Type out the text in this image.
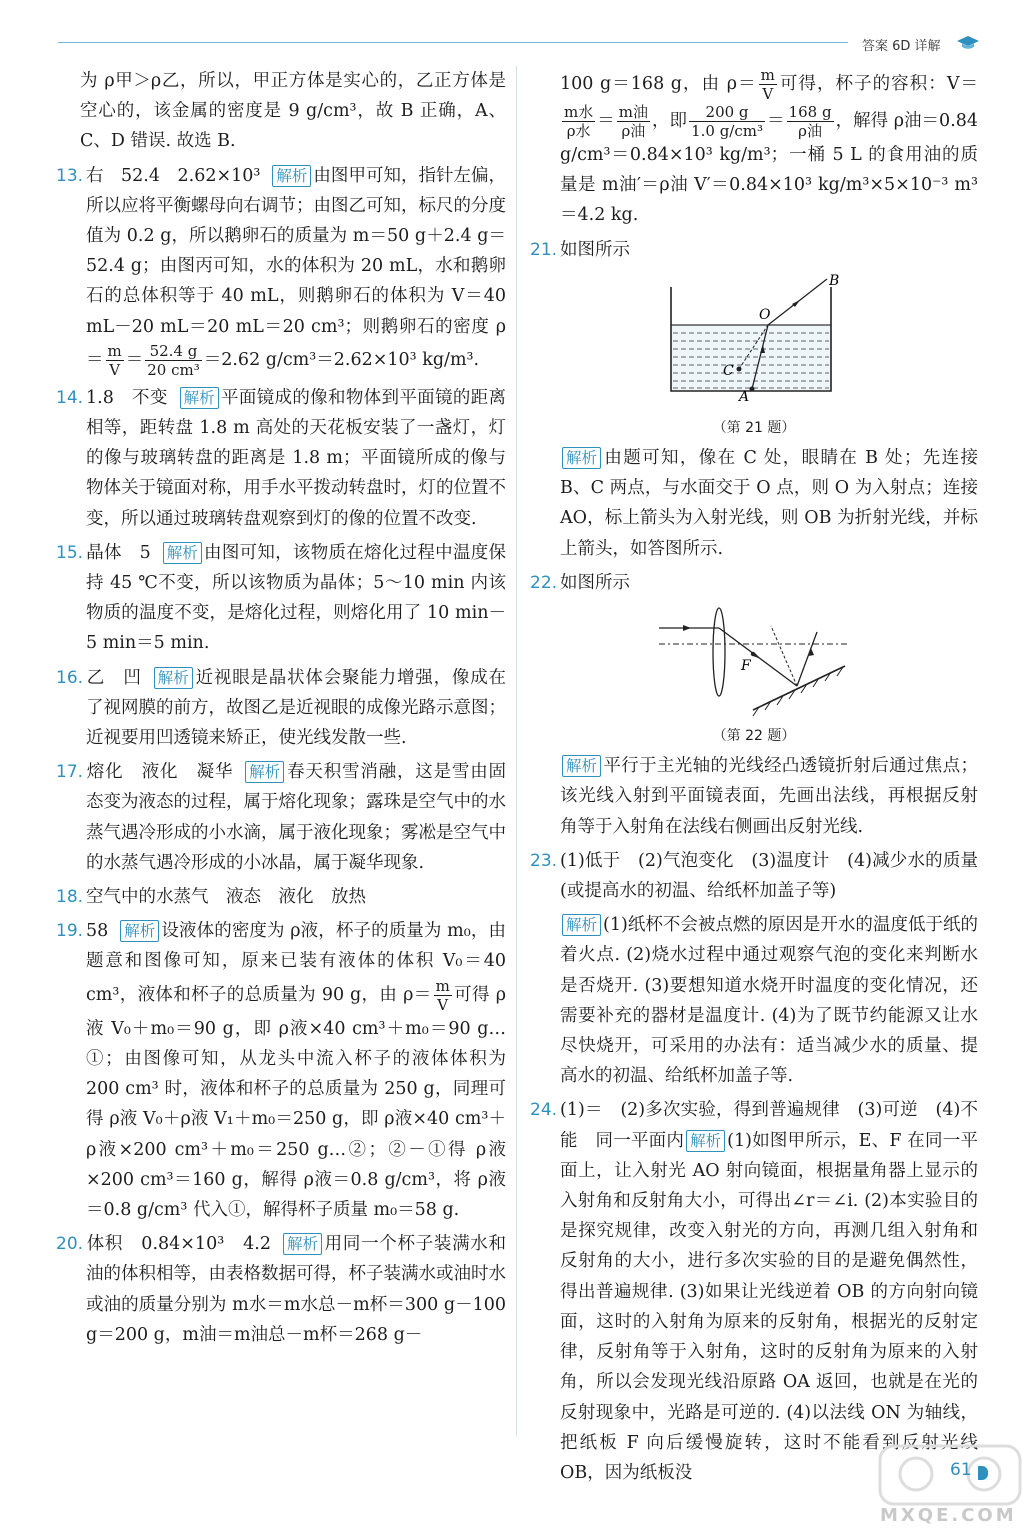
答案 6D 详解

为 ρ甲＞ρ乙，所以，甲正方体是实心的，乙正方体是空心的，该金属的密度是 9 g/cm³，故 B 正确，A、C、D 错误. 故选 B.

13. 右　52.4　2.62×10³ 解析 由图甲可知，指针左偏，所以应将平衡螺母向右调节；由图乙可知，标尺的分度值为 0.2 g，所以鹅卵石的质量为 m＝50 g＋2.4 g＝52.4 g；由图丙可知，水的体积为 20 mL，水和鹅卵石的总体积等于 40 mL，则鹅卵石的体积为 V＝40 mL－20 mL＝20 mL＝20 cm³；则鹅卵石的密度 $\rho= \frac{m}{V} = \frac{52.4 g}{\text{20 cm³}} =2.62$ g/cm³＝2.62×10³ kg/m³.

14. 1.8　不变 解析 平面镜成的像和物体到平面镜的距离相等，距转盘 1.8 m 高处的天花板安装了一盏灯，灯的像与玻璃转盘的距离是 1.8 m；平面镜所成的像与物体关于镜面对称，用手水平拨动转盘时，灯的位置不变，所以通过玻璃转盘观察到灯的像的位置不改变.

15. 晶体　5 解析 由图可知，该物质在熔化过程中温度保持 45 ℃不变，所以该物质为晶体；5～10 min 内该物质的温度不变，是熔化过程，则熔化用了 10 min－5 min＝5 min.

16. 乙　凹 解析 近视眼是晶状体会聚能力增强，像成在了视网膜的前方，故图乙是近视眼的成像光路示意图；近视要用凹透镜来矫正，使光线发散一些.

17. 熔化　液化　凝华 解析 春天积雪消融，这是雪由固态变为液态的过程，属于熔化现象；露珠是空气中的水蒸气遇冷形成的小水滴，属于液化现象；雾凇是空气中的水蒸气遇冷形成的小冰晶，属于凝华现象.

18. 空气中的水蒸气　液态　液化　放热

19. 58 解析 设液体的密度为 ρ液，杯子的质量为 m₀，由题意和图像可知，原来已装有液体的体积 V₀＝40 cm³，液体和杯子的总质量为 90 g，由 $\rho= \frac{m}{V}$ 可得 ρ液 V₀＋m₀＝90 g，即 ρ液×40 cm³＋m₀＝90 g…①；由图像可知，从龙头中流入杯子的液体体积为 200 cm³ 时，液体和杯子的总质量为 250 g，同理可得 ρ液 V₀＋ρ液 V₁＋m₀＝250 g，即 ρ液×40 cm³＋ρ液×200 cm³＋m₀＝250 g…②；②－①得 ρ液×200 cm³＝160 g，解得 ρ液＝0.8 g/cm³，将 ρ液＝0.8 g/cm³ 代入①，解得杯子质量 m₀＝58 g.

20. 体积　0.84×10³　4.2 解析 用同一个杯子装满水和油的体积相等，由表格数据可得，杯子装满水或油时水或油的质量分别为 m水＝m水总－m杯＝300 g－100 g＝200 g，m油＝m油总－m杯＝268 g－

100 g＝168 g，由 $\rho= \frac{m}{V}$ 可得，杯子的容积：V＝
$\frac{\text{m水}}{\text{ρ水}} = \frac{\text{m油}}{\text{ρ油}}$ ，即 $\frac{200 g}{\text{1.0 g/cm³}} = \frac{168 g}{\text{ρ油}}$ ，解得 ρ油＝0.84 g/cm³＝0.84×10³ kg/m³；一桶 5 L 的食用油的质量是 m油′＝ρ油 V′＝0.84×10³ kg/m³×5×10⁻³ m³＝4.2 kg.

21. 如图所示

B
O
C
A
（第 21 题）

解析 由题可知，像在 C 处，眼睛在 B 处；先连接 B、C 两点，与水面交于 O 点，则 O 为入射点；连接 AO，标上箭头为入射光线，则 OB 为折射光线，并标上箭头，如答图所示.

22. 如图所示

F
（第 22 题）

解析 平行于主光轴的光线经凸透镜折射后通过焦点；该光线入射到平面镜表面，先画出法线，再根据反射角等于入射角在法线右侧画出反射光线.

23. (1)低于　(2)气泡变化　(3)温度计　(4)减少水的质量(或提高水的初温、给纸杯加盖子等)

解析 (1)纸杯不会被点燃的原因是开水的温度低于纸的着火点. (2)烧水过程中通过观察气泡的变化来判断水是否烧开. (3)要想知道水烧开时温度的变化情况，还需要补充的器材是温度计. (4)为了既节约能源又让水尽快烧开，可采用的办法有：适当减少水的质量、提高水的初温、给纸杯加盖子等.

24. (1)＝　(2)多次实验，得到普遍规律　(3)可逆　(4)不能　同一平面内 解析 (1)如图甲所示，E、F 在同一平面上，让入射光 AO 射向镜面，根据量角器上显示的入射角和反射角大小，可得出∠r＝∠i. (2)本实验目的是探究规律，改变入射光的方向，再测几组入射角和反射角的大小，进行多次实验的目的是避免偶然性，得出普遍规律. (3)如果让光线逆着 OB 的方向射向镜面，这时的入射角为原来的反射角，根据光的反射定律，反射角等于入射角，这时的反射角为原来的入射角，所以会发现光线沿原路 OA 返回，也就是在光的反射现象中，光路是可逆的. (4)以法线 ON 为轴线，把纸板 F 向后缓慢旋转，这时不能看到反射光线 OB，因为纸板没

MXQE.COM
61
